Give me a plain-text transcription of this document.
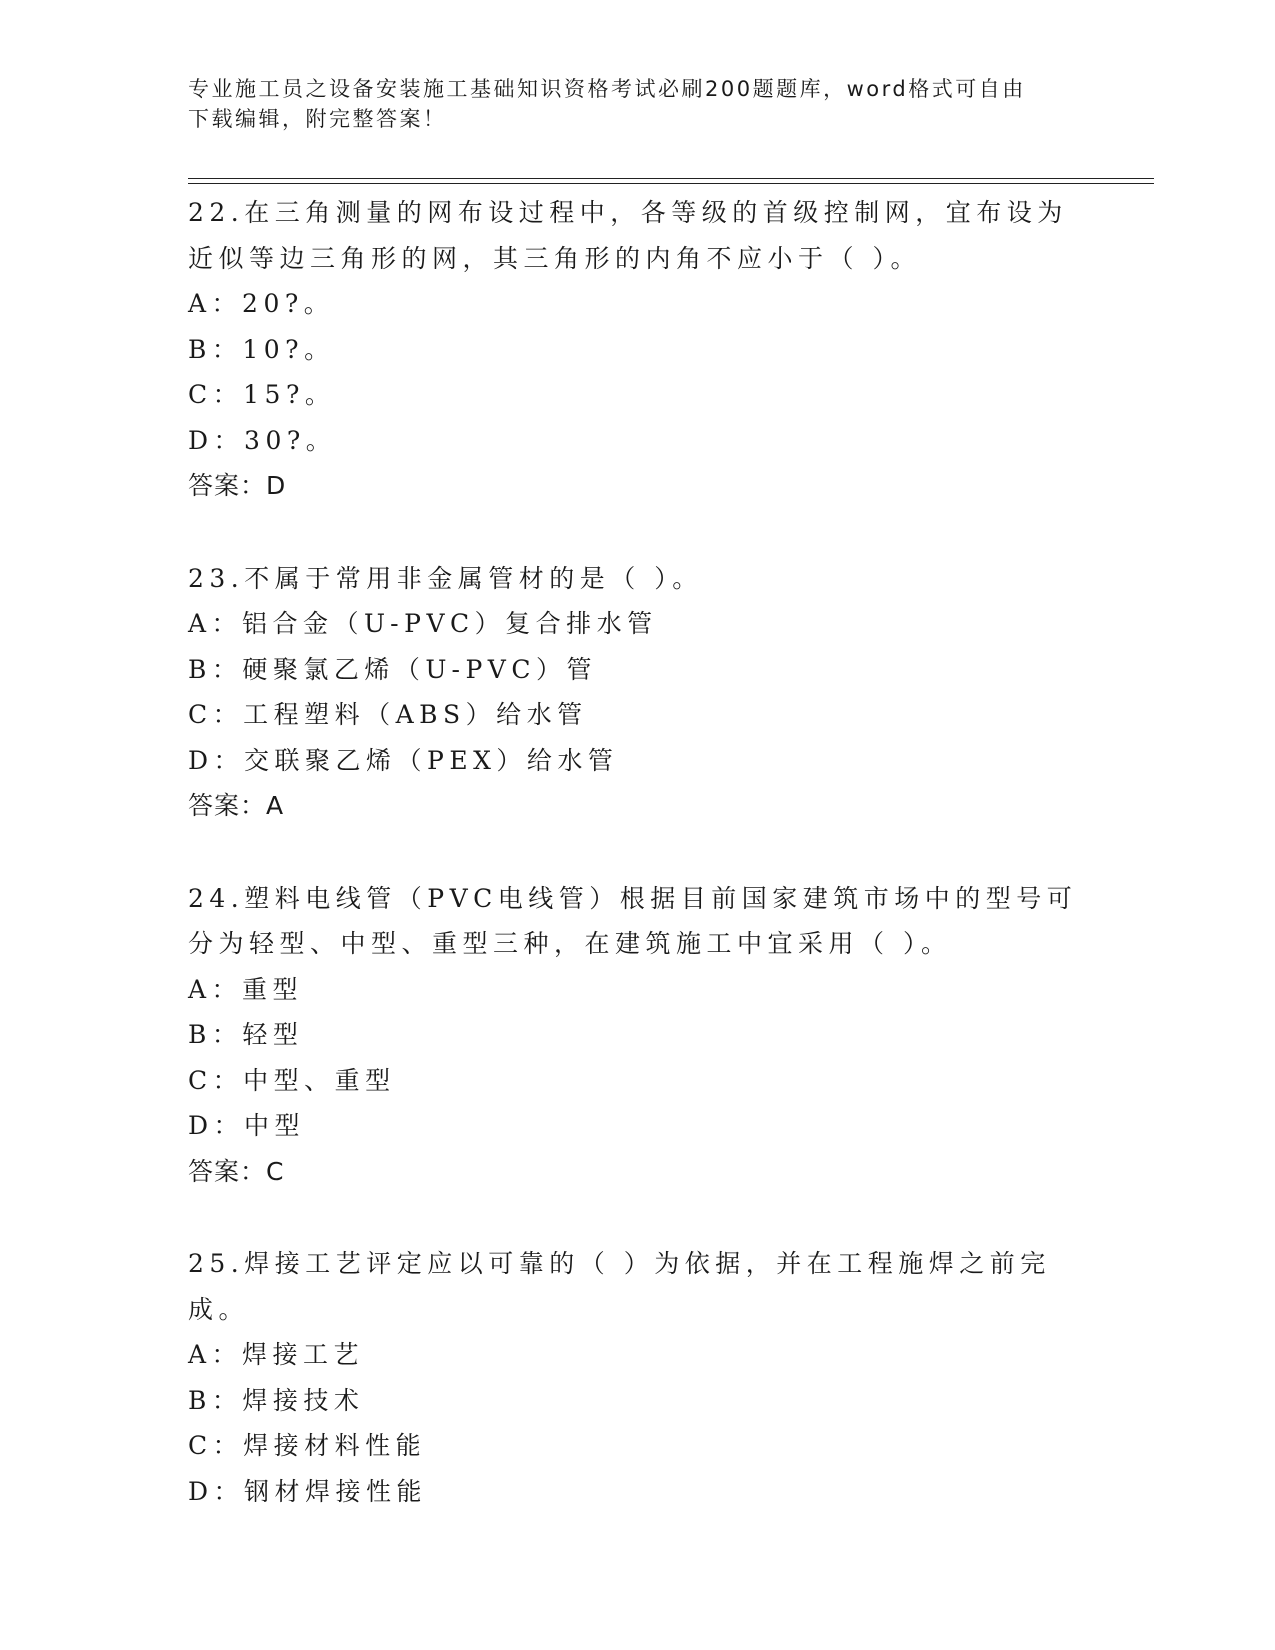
专业施工员之设备安装施工基础知识资格考试必刷200题题库，word格式可自由
下载编辑，附完整答案！
22.在三角测量的网布设过程中，各等级的首级控制网，宜布设为近似等边三角形的网，其三角形的内角不应小于（ ）。
A：20?。
B：10?。
C：15?。
D：30?。
答案：D
23.不属于常用非金属管材的是（ ）。
A：铝合金（U-PVC）复合排水管
B：硬聚氯乙烯（U-PVC）管
C：工程塑料（ABS）给水管
D：交联聚乙烯（PEX）给水管
答案：A
24.塑料电线管（PVC电线管）根据目前国家建筑市场中的型号可分为轻型、中型、重型三种，在建筑施工中宜采用（ ）。
A：重型
B：轻型
C：中型、重型
D：中型
答案：C
25.焊接工艺评定应以可靠的（ ）为依据，并在工程施焊之前完成。
A：焊接工艺
B：焊接技术
C：焊接材料性能
D：钢材焊接性能
